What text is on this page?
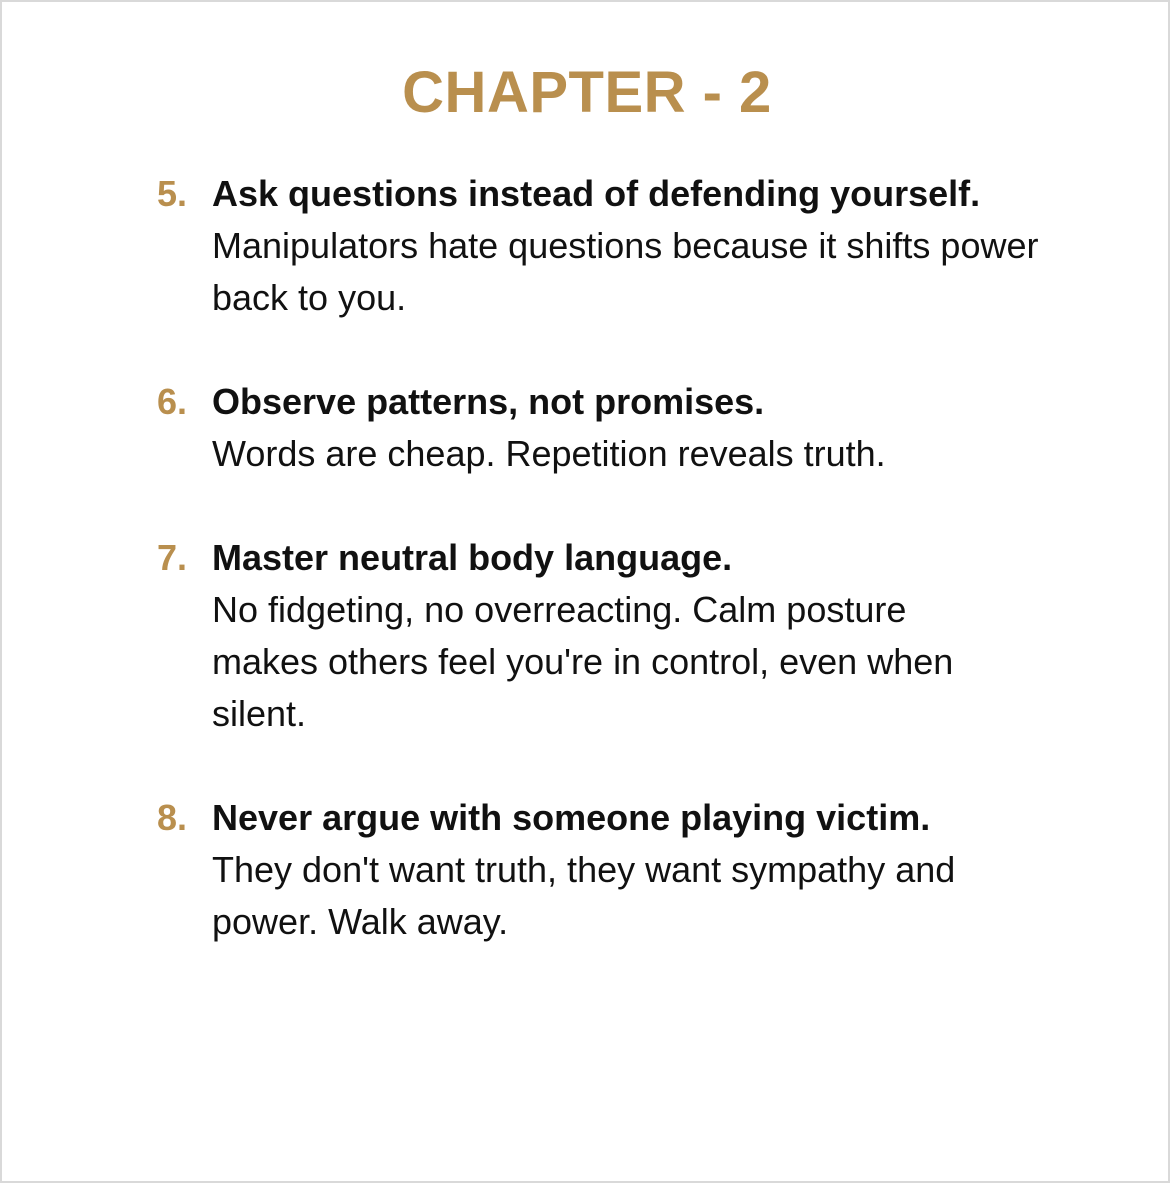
CHAPTER - 2
5. Ask questions instead of defending yourself.
Manipulators hate questions because it shifts power back to you.
6. Observe patterns, not promises.
Words are cheap. Repetition reveals truth.
7. Master neutral body language.
No fidgeting, no overreacting. Calm posture makes others feel you're in control, even when silent.
8. Never argue with someone playing victim.
They don't want truth, they want sympathy and power. Walk away.
